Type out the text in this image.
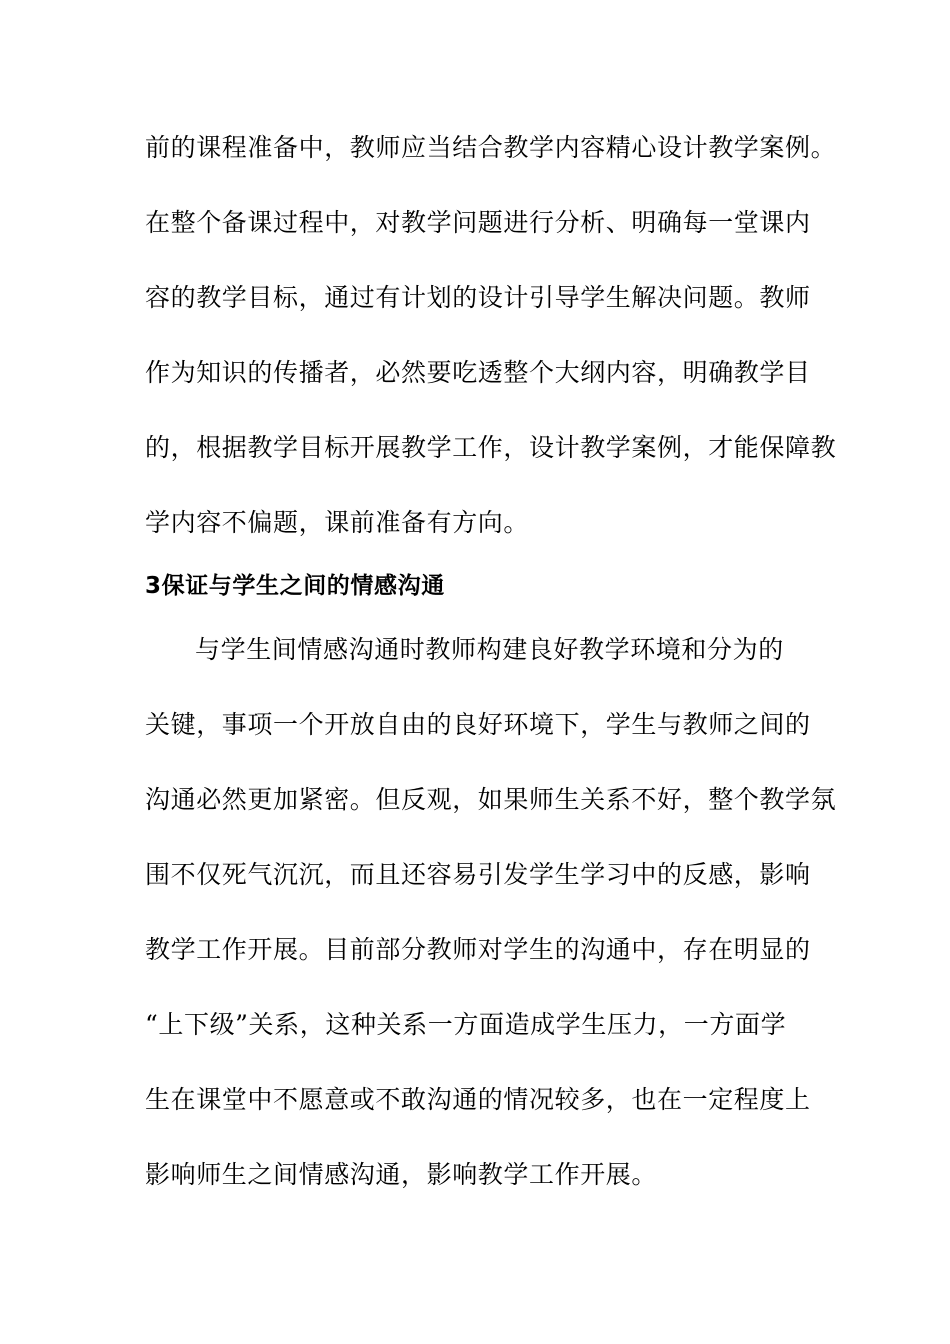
前的课程准备中，教师应当结合教学内容精心设计教学案例。
在整个备课过程中，对教学问题进行分析、明确每一堂课内
容的教学目标，通过有计划的设计引导学生解决问题。教师
作为知识的传播者，必然要吃透整个大纲内容，明确教学目
的，根据教学目标开展教学工作，设计教学案例，才能保障教
学内容不偏题，课前准备有方向。
3保证与学生之间的情感沟通
与学生间情感沟通时教师构建良好教学环境和分为的
关键，事项一个开放自由的良好环境下，学生与教师之间的
沟通必然更加紧密。但反观，如果师生关系不好，整个教学氛
围不仅死气沉沉，而且还容易引发学生学习中的反感，影响
教学工作开展。目前部分教师对学生的沟通中，存在明显的
“上下级”关系，这种关系一方面造成学生压力，一方面学
生在课堂中不愿意或不敢沟通的情况较多，也在一定程度上
影响师生之间情感沟通，影响教学工作开展。
